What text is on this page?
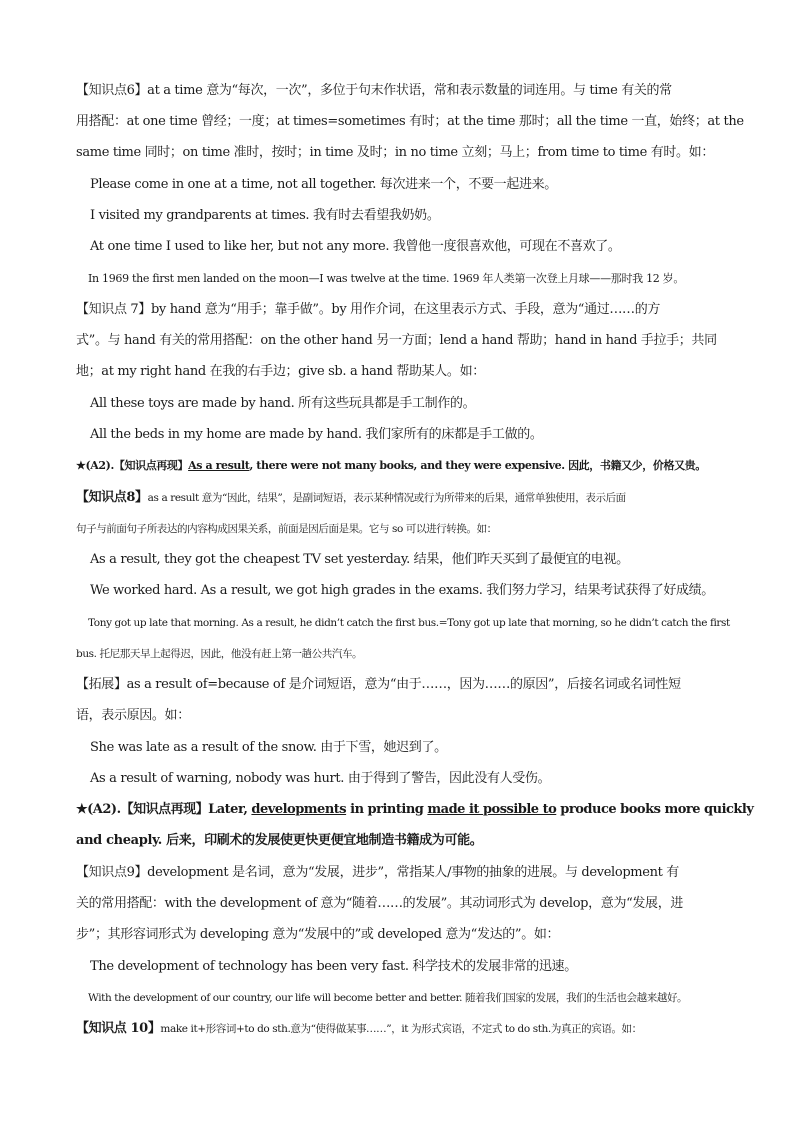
【知识点6】at a time 意为“每次，一次”，多位于句末作状语，常和表示数量的词连用。与 time 有关的常
用搭配：at one time 曾经；一度；at times=sometimes 有时；at the time 那时；all the time 一直，始终；at the
same time 同时；on time 准时，按时；in time 及时；in no time 立刻；马上；from time to time 有时。如：
Please come in one at a time, not all together. 每次进来一个，不要一起进来。
I visited my grandparents at times. 我有时去看望我奶奶。
At one time I used to like her, but not any more. 我曾他一度很喜欢他，可现在不喜欢了。
In 1969 the first men landed on the moon—I was twelve at the time. 1969 年人类第一次登上月球——那时我 12 岁。
【知识点 7】by hand 意为“用手；靠手做”。by 用作介词，在这里表示方式、手段，意为“通过……的方
式”。与 hand 有关的常用搭配：on the other hand 另一方面；lend a hand 帮助；hand in hand 手拉手；共同
地；at my right hand 在我的右手边；give sb. a hand 帮助某人。如：
All these toys are made by hand. 所有这些玩具都是手工制作的。
All the beds in my home are made by hand. 我们家所有的床都是手工做的。
★(A2).【知识点再现】As a result, there were not many books, and they were expensive. 因此，书籍又少，价格又贵。
【知识点8】as a result 意为“因此，结果”，是副词短语，表示某种情况或行为所带来的后果，通常单独使用，表示后面
句子与前面句子所表达的内容构成因果关系，前面是因后面是果。它与 so 可以进行转换。如：
As a result, they got the cheapest TV set yesterday. 结果，他们昨天买到了最便宜的电视。
We worked hard. As a result, we got high grades in the exams. 我们努力学习，结果考试获得了好成绩。
Tony got up late that morning. As a result, he didn’t catch the first bus.=Tony got up late that morning, so he didn’t catch the first
bus. 托尼那天早上起得迟，因此，他没有赶上第一趟公共汽车。
【拓展】as a result of=because of 是介词短语，意为“由于……，因为……的原因”，后接名词或名词性短
语，表示原因。如：
She was late as a result of the snow. 由于下雪，她迟到了。
As a result of warning, nobody was hurt. 由于得到了警告，因此没有人受伤。
★(A2).【知识点再现】Later, developments in printing made it possible to produce books more quickly
and cheaply. 后来，印刷术的发展使更快更便宜地制造书籍成为可能。
【知识点9】development 是名词，意为“发展，进步”，常指某人/事物的抽象的进展。与 development 有
关的常用搭配：with the development of 意为“随着……的发展”。其动词形式为 develop，意为“发展，进
步”；其形容词形式为 developing 意为“发展中的”或 developed 意为“发达的”。如：
The development of technology has been very fast. 科学技术的发展非常的迅速。
With the development of our country, our life will become better and better. 随着我们国家的发展，我们的生活也会越来越好。
【知识点 10】make it+形容词+to do sth.意为“使得做某事……”，it 为形式宾语，不定式 to do sth.为真正的宾语。如：
